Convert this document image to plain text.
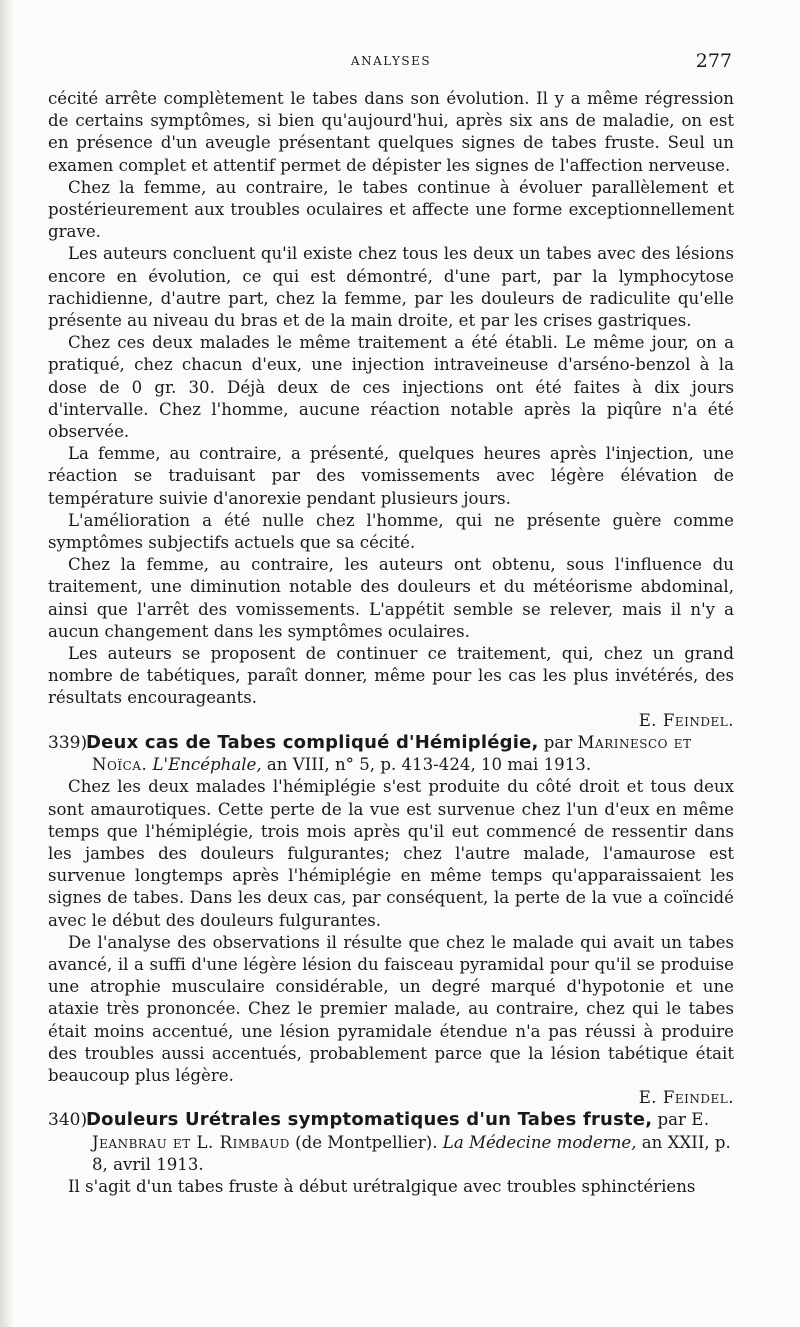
ANALYSES	277

cécité arrête complètement le tabes dans son évolution. Il y a même régression de certains symptômes, si bien qu'aujourd'hui, après six ans de maladie, on est en présence d'un aveugle présentant quelques signes de tabes fruste. Seul un examen complet et attentif permet de dépister les signes de l'affection nerveuse.

Chez la femme, au contraire, le tabes continue à évoluer parallèlement et postérieurement aux troubles oculaires et affecte une forme exceptionnellement grave.

Les auteurs concluent qu'il existe chez tous les deux un tabes avec des lésions encore en évolution, ce qui est démontré, d'une part, par la lymphocytose rachidienne, d'autre part, chez la femme, par les douleurs de radiculite qu'elle présente au niveau du bras et de la main droite, et par les crises gastriques.

Chez ces deux malades le même traitement a été établi. Le même jour, on a pratiqué, chez chacun d'eux, une injection intraveineuse d'arséno-benzol à la dose de 0 gr. 30. Déjà deux de ces injections ont été faites à dix jours d'intervalle. Chez l'homme, aucune réaction notable après la piqûre n'a été observée.

La femme, au contraire, a présenté, quelques heures après l'injection, une réaction se traduisant par des vomissements avec légère élévation de température suivie d'anorexie pendant plusieurs jours.

L'amélioration a été nulle chez l'homme, qui ne présente guère comme symptômes subjectifs actuels que sa cécité.

Chez la femme, au contraire, les auteurs ont obtenu, sous l'influence du traitement, une diminution notable des douleurs et du météorisme abdominal, ainsi que l'arrêt des vomissements. L'appétit semble se relever, mais il n'y a aucun changement dans les symptômes oculaires.

Les auteurs se proposent de continuer ce traitement, qui, chez un grand nombre de tabétiques, paraît donner, même pour les cas les plus invétérés, des résultats encourageants.

E. Feindel.

339)Deux cas de Tabes compliqué d'Hémiplégie, par Marinesco et Noïca. L'Encéphale, an VIII, n° 5, p. 413-424, 10 mai 1913.

Chez les deux malades l'hémiplégie s'est produite du côté droit et tous deux sont amaurotiques. Cette perte de la vue est survenue chez l'un d'eux en même temps que l'hémiplégie, trois mois après qu'il eut commencé de ressentir dans les jambes des douleurs fulgurantes; chez l'autre malade, l'amaurose est survenue longtemps après l'hémiplégie en même temps qu'apparaissaient les signes de tabes. Dans les deux cas, par conséquent, la perte de la vue a coïncidé avec le début des douleurs fulgurantes.

De l'analyse des observations il résulte que chez le malade qui avait un tabes avancé, il a suffi d'une légère lésion du faisceau pyramidal pour qu'il se produise une atrophie musculaire considérable, un degré marqué d'hypotonie et une ataxie très prononcée. Chez le premier malade, au contraire, chez qui le tabes était moins accentué, une lésion pyramidale étendue n'a pas réussi à produire des troubles aussi accentués, probablement parce que la lésion tabétique était beaucoup plus légère.

E. Feindel.

340)Douleurs Urétrales symptomatiques d'un Tabes fruste, par E. Jeanbrau et L. Rimbaud (de Montpellier). La Médecine moderne, an XXII, p. 8, avril 1913.

Il s'agit d'un tabes fruste à début urétralgique avec troubles sphinctériens
